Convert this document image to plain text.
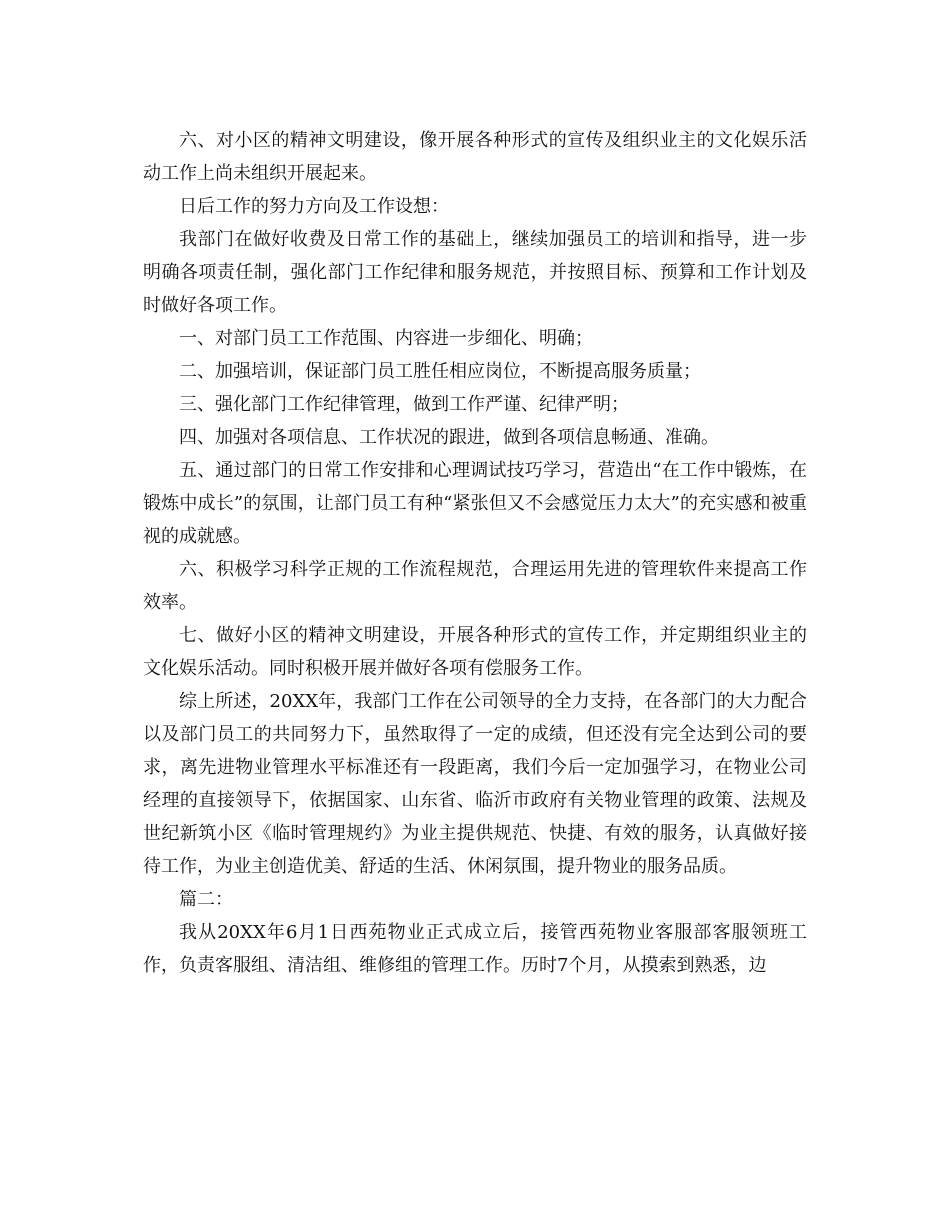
六、对小区的精神文明建设，像开展各种形式的宣传及组织业主的文化娱乐活动工作上尚未组织开展起来。

日后工作的努力方向及工作设想：

我部门在做好收费及日常工作的基础上，继续加强员工的培训和指导，进一步明确各项责任制，强化部门工作纪律和服务规范，并按照目标、预算和工作计划及时做好各项工作。

一、对部门员工工作范围、内容进一步细化、明确；

二、加强培训，保证部门员工胜任相应岗位，不断提高服务质量；

三、强化部门工作纪律管理，做到工作严谨、纪律严明；

四、加强对各项信息、工作状况的跟进，做到各项信息畅通、准确。

五、通过部门的日常工作安排和心理调试技巧学习，营造出“在工作中锻炼，在锻炼中成长”的氛围，让部门员工有种“紧张但又不会感觉压力太大”的充实感和被重视的成就感。

六、积极学习科学正规的工作流程规范，合理运用先进的管理软件来提高工作效率。

七、做好小区的精神文明建设，开展各种形式的宣传工作，并定期组织业主的文化娱乐活动。同时积极开展并做好各项有偿服务工作。

综上所述，20XX年，我部门工作在公司领导的全力支持，在各部门的大力配合以及部门员工的共同努力下，虽然取得了一定的成绩，但还没有完全达到公司的要求，离先进物业管理水平标准还有一段距离，我们今后一定加强学习，在物业公司经理的直接领导下，依据国家、山东省、临沂市政府有关物业管理的政策、法规及世纪新筑小区《临时管理规约》为业主提供规范、快捷、有效的服务，认真做好接待工作，为业主创造优美、舒适的生活、休闲氛围，提升物业的服务品质。

篇二：

我从20XX年6月1日西苑物业正式成立后，接管西苑物业客服部客服领班工作，负责客服组、清洁组、维修组的管理工作。历时7个月，从摸索到熟悉，边
